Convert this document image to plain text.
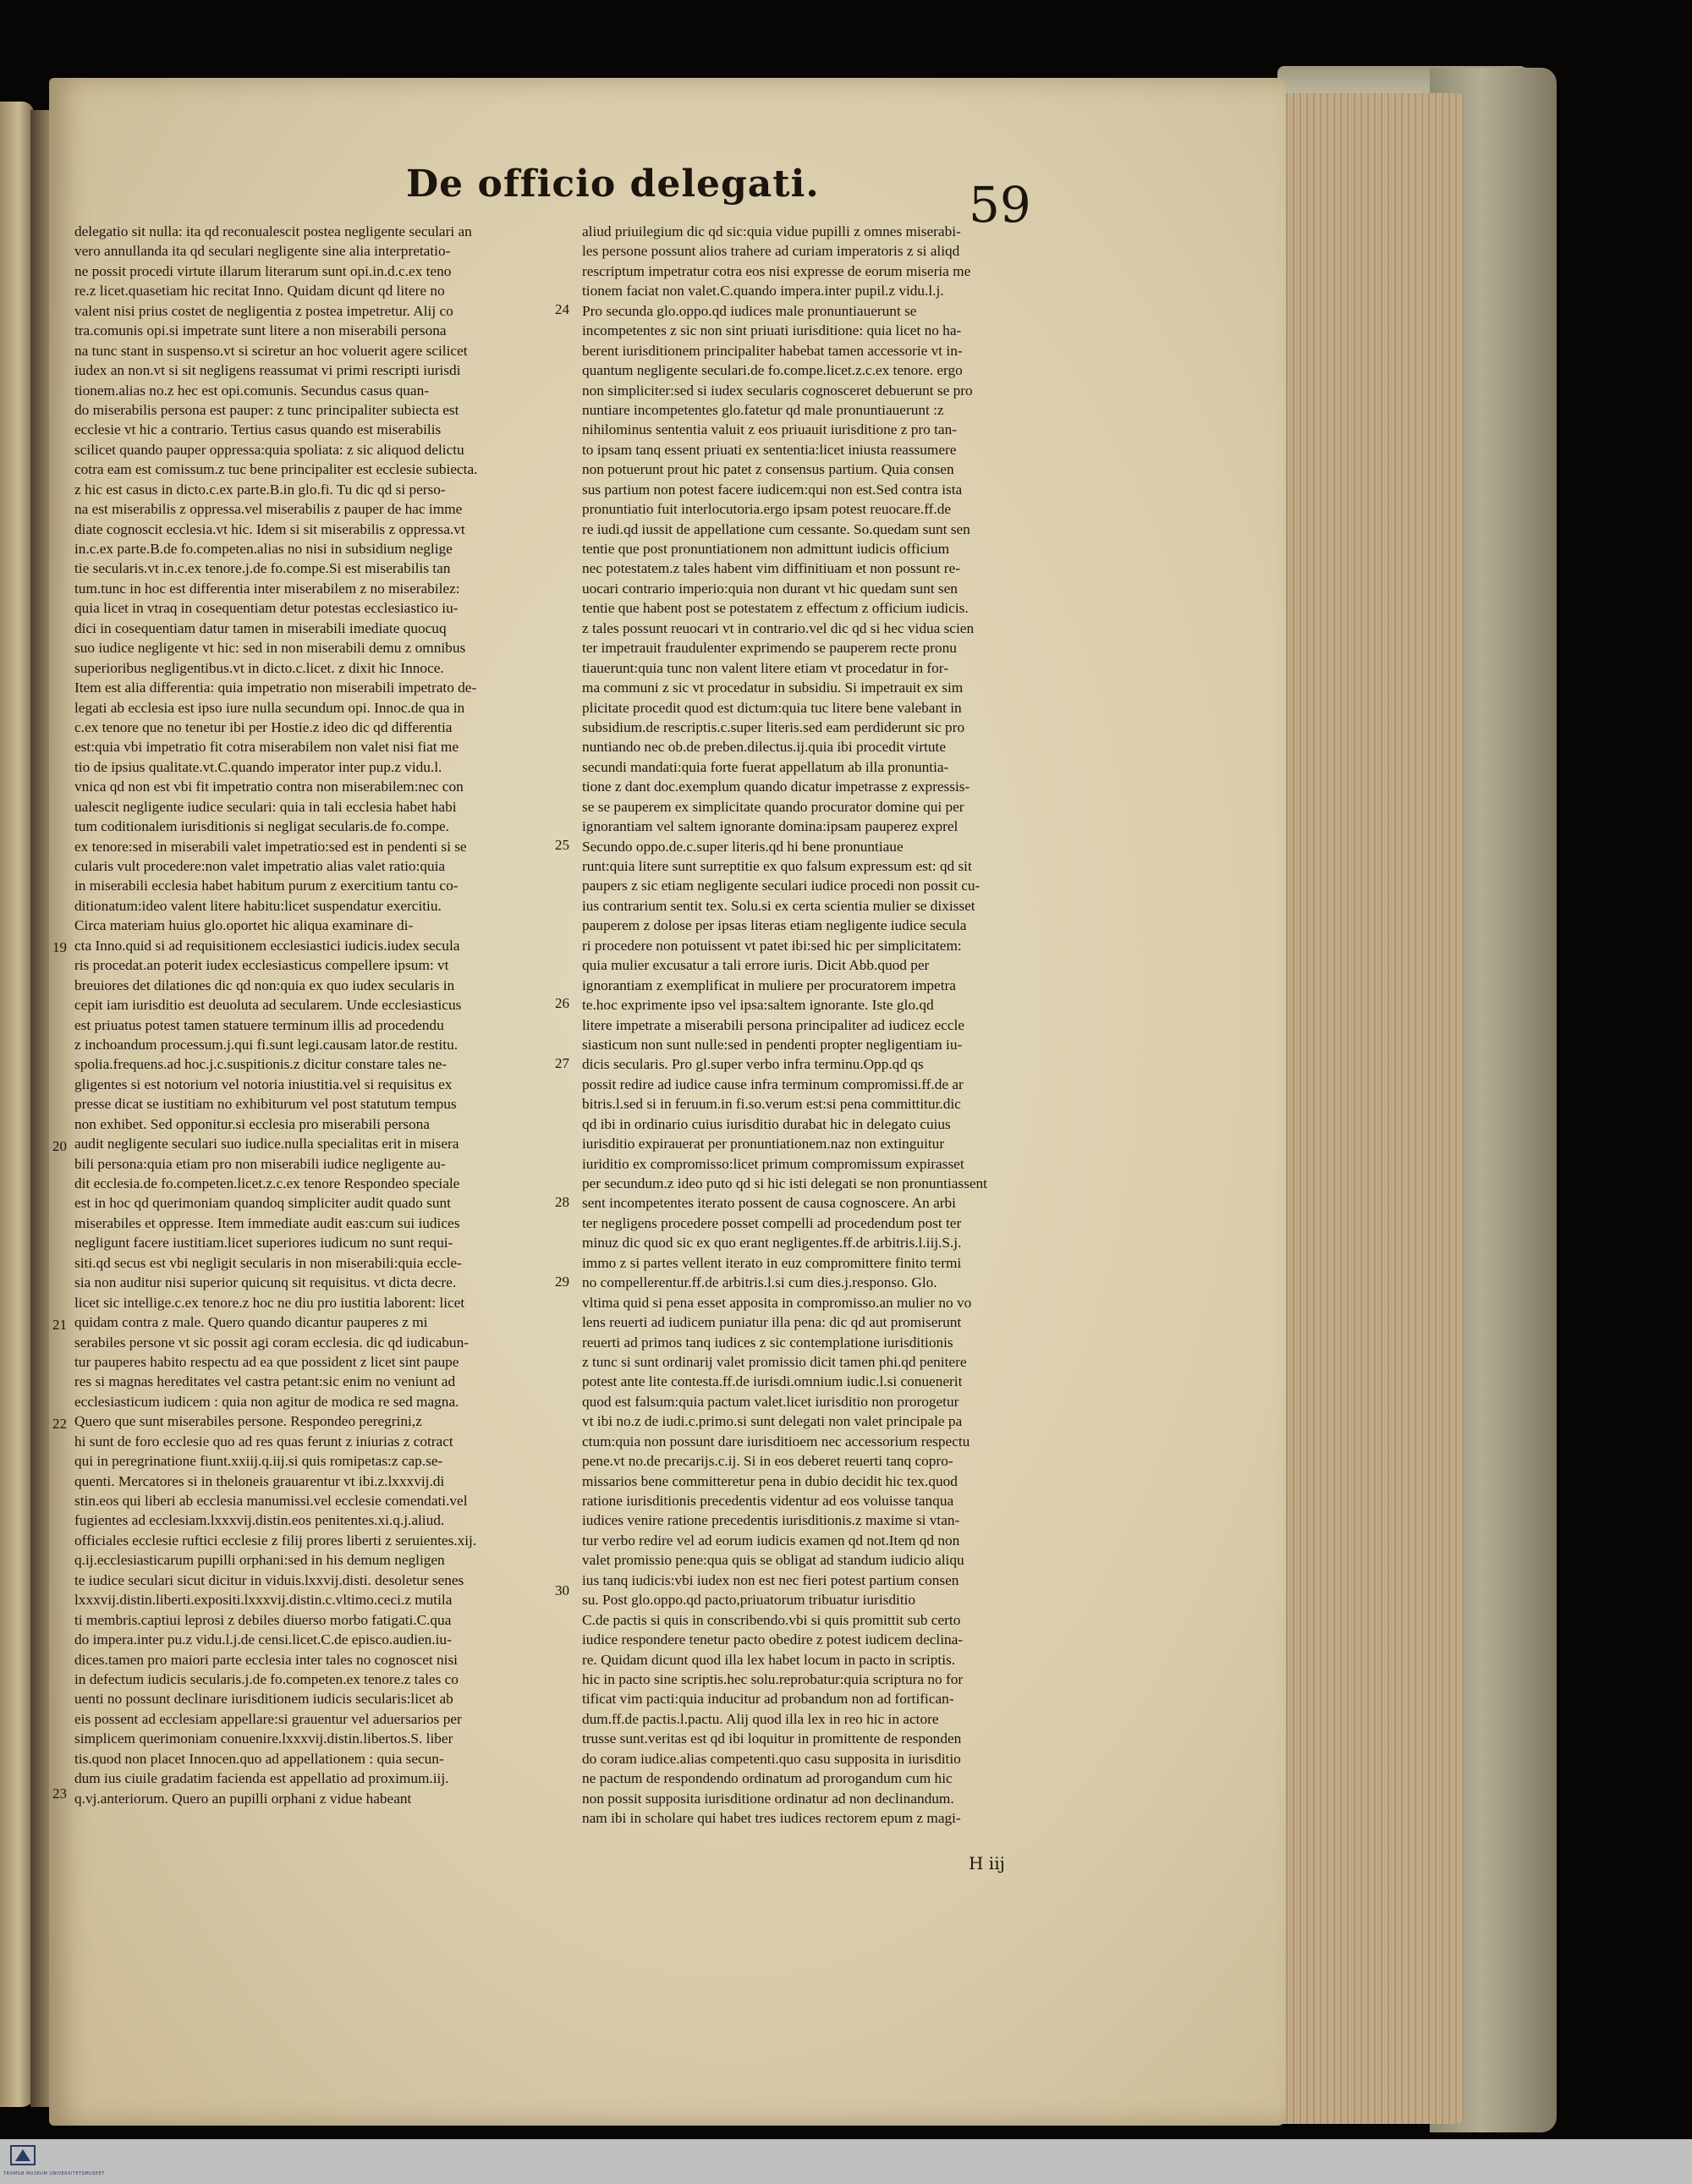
De officio delegati.	59
delegatio sit nulla: ita qd reconualescit postea negligente seculari an
vero annullanda ita qd seculari negligente sine alia interpretatio-
ne possit procedi virtute illarum literarum sunt opi.in.d.c.ex teno
re.z licet.quasetiam hic recitat Inno. Quidam dicunt qd litere no
valent nisi prius costet de negligentia z postea impetretur. Alij co
tra.comunis opi.si impetrate sunt litere a non miserabili persona
na tunc stant in suspenso.vt si sciretur an hoc voluerit agere scilicet
iudex an non.vt si sit negligens reassumat vi primi rescripti iurisdi
tionem.alias no.z hec est opi.comunis. Secundus casus quan-
do miserabilis persona est pauper: z tunc principaliter subiecta est
ecclesie vt hic a contrario. Tertius casus quando est miserabilis
scilicet quando pauper oppressa:quia spoliata: z sic aliquod delictu
cotra eam est comissum.z tuc bene principaliter est ecclesie subiecta.
z hic est casus in dicto.c.ex parte.B.in glo.fi. Tu dic qd si perso-
na est miserabilis z oppressa.vel miserabilis z pauper de hac imme
diate cognoscit ecclesia.vt hic. Idem si sit miserabilis z oppressa.vt
in.c.ex parte.B.de fo.competen.alias no nisi in subsidium neglige
tie secularis.vt in.c.ex tenore.j.de fo.compe.Si est miserabilis tan
tum.tunc in hoc est differentia inter miserabilem z no miserabilez:
quia licet in vtraq in cosequentiam detur potestas ecclesiastico iu-
dici in cosequentiam datur tamen in miserabili imediate quocuq
suo iudice negligente vt hic: sed in non miserabili demu z omnibus
superioribus negligentibus.vt in dicto.c.licet. z dixit hic Innoce.
Item est alia differentia: quia impetratio non miserabili impetrato de-
legati ab ecclesia est ipso iure nulla secundum opi. Innoc.de qua in
c.ex tenore que no tenetur ibi per Hostie.z ideo dic qd differentia
est:quia vbi impetratio fit cotra miserabilem non valet nisi fiat me
tio de ipsius qualitate.vt.C.quando imperator inter pup.z vidu.l.
vnica qd non est vbi fit impetratio contra non miserabilem:nec con
ualescit negligente iudice seculari: quia in tali ecclesia habet habi
tum coditionalem iurisditionis si negligat secularis.de fo.compe.
ex tenore:sed in miserabili valet impetratio:sed est in pendenti si se
cularis vult procedere:non valet impetratio alias valet ratio:quia
in miserabili ecclesia habet habitum purum z exercitium tantu co-
ditionatum:ideo valent litere habitu:licet suspendatur exercitiu.
Circa materiam huius glo.oportet hic aliqua examinare di-
cta Inno.quid si ad requisitionem ecclesiastici iudicis.iudex secula
ris procedat.an poterit iudex ecclesiasticus compellere ipsum: vt
breuiores det dilationes dic qd non:quia ex quo iudex secularis in
cepit iam iurisditio est deuoluta ad secularem. Unde ecclesiasticus
est priuatus potest tamen statuere terminum illis ad procedendu
z inchoandum processum.j.qui fi.sunt legi.causam lator.de restitu.
spolia.frequens.ad hoc.j.c.suspitionis.z dicitur constare tales ne-
gligentes si est notorium vel notoria iniustitia.vel si requisitus ex
presse dicat se iustitiam no exhibiturum vel post statutum tempus
non exhibet. Sed opponitur.si ecclesia pro miserabili persona
audit negligente seculari suo iudice.nulla specialitas erit in misera
bili persona:quia etiam pro non miserabili iudice negligente au-
dit ecclesia.de fo.competen.licet.z.c.ex tenore Respondeo speciale
est in hoc qd querimoniam quandoq simpliciter audit quado sunt
miserabiles et oppresse. Item immediate audit eas:cum sui iudices
negligunt facere iustitiam.licet superiores iudicum no sunt requi-
siti.qd secus est vbi negligit secularis in non miserabili:quia eccle-
sia non auditur nisi superior quicunq sit requisitus. vt dicta decre.
licet sic intellige.c.ex tenore.z hoc ne diu pro iustitia laborent: licet
quidam contra z male. Quero quando dicantur pauperes z mi
serabiles persone vt sic possit agi coram ecclesia. dic qd iudicabun-
tur pauperes habito respectu ad ea que possident z licet sint paupe
res si magnas hereditates vel castra petant:sic enim no veniunt ad
ecclesiasticum iudicem : quia non agitur de modica re sed magna.
Quero que sunt miserabiles persone. Respondeo peregrini,z
hi sunt de foro ecclesie quo ad res quas ferunt z iniurias z cotract
qui in peregrinatione fiunt.xxiij.q.iij.si quis romipetas:z cap.se-
quenti. Mercatores si in theloneis grauarentur vt ibi.z.lxxxvij.di
stin.eos qui liberi ab ecclesia manumissi.vel ecclesie comendati.vel
fugientes ad ecclesiam.lxxxvij.distin.eos penitentes.xi.q.j.aliud.
officiales ecclesie ruftici ecclesie z filij prores liberti z seruientes.xij.
q.ij.ecclesiasticarum pupilli orphani:sed in his demum negligen
te iudice seculari sicut dicitur in viduis.lxxvij.disti. desoletur senes
lxxxvij.distin.liberti.expositi.lxxxvij.distin.c.vltimo.ceci.z mutila
ti membris.captiui leprosi z debiles diuerso morbo fatigati.C.qua
do impera.inter pu.z vidu.l.j.de censi.licet.C.de episco.audien.iu-
dices.tamen pro maiori parte ecclesia inter tales no cognoscet nisi
in defectum iudicis secularis.j.de fo.competen.ex tenore.z tales co
uenti no possunt declinare iurisditionem iudicis secularis:licet ab
eis possent ad ecclesiam appellare:si grauentur vel aduersarios per
simplicem querimoniam conuenire.lxxxvij.distin.libertos.S. liber
tis.quod non placet Innocen.quo ad appellationem : quia secun-
dum ius ciuile gradatim facienda est appellatio ad proximum.iij.
q.vj.anteriorum. Quero an pupilli orphani z vidue habeant
aliud priuilegium dic qd sic:quia vidue pupilli z omnes miserabi-
les persone possunt alios trahere ad curiam imperatoris z si aliqd
rescriptum impetratur cotra eos nisi expresse de eorum miseria me
tionem faciat non valet.C.quando impera.inter pupil.z vidu.l.j.
Pro secunda glo.oppo.qd iudices male pronuntiauerunt se
incompetentes z sic non sint priuati iurisditione: quia licet no ha-
berent iurisditionem principaliter habebat tamen accessorie vt in-
quantum negligente seculari.de fo.compe.licet.z.c.ex tenore. ergo
non simpliciter:sed si iudex secularis cognosceret debuerunt se pro
nuntiare incompetentes glo.fatetur qd male pronuntiauerunt :z
nihilominus sententia valuit z eos priuauit iurisditione z pro tan-
to ipsam tanq essent priuati ex sententia:licet iniusta reassumere
non potuerunt prout hic patet z consensus partium. Quia consen
sus partium non potest facere iudicem:qui non est.Sed contra ista
pronuntiatio fuit interlocutoria.ergo ipsam potest reuocare.ff.de
re iudi.qd iussit de appellatione cum cessante. So.quedam sunt sen
tentie que post pronuntiationem non admittunt iudicis officium
nec potestatem.z tales habent vim diffinitiuam et non possunt re-
uocari contrario imperio:quia non durant vt hic quedam sunt sen
tentie que habent post se potestatem z effectum z officium iudicis.
z tales possunt reuocari vt in contrario.vel dic qd si hec vidua scien
ter impetrauit fraudulenter exprimendo se pauperem recte pronu
tiauerunt:quia tunc non valent litere etiam vt procedatur in for-
ma communi z sic vt procedatur in subsidiu. Si impetrauit ex sim
plicitate procedit quod est dictum:quia tuc litere bene valebant in
subsidium.de rescriptis.c.super literis.sed eam perdiderunt sic pro
nuntiando nec ob.de preben.dilectus.ij.quia ibi procedit virtute
secundi mandati:quia forte fuerat appellatum ab illa pronuntia-
tione z dant doc.exemplum quando dicatur impetrasse z expressis-
se se pauperem ex simplicitate quando procurator domine qui per
ignorantiam vel saltem ignorante domina:ipsam pauperez exprel
Secundo oppo.de.c.super literis.qd hi bene pronuntiaue
runt:quia litere sunt surreptitie ex quo falsum expressum est: qd sit
paupers z sic etiam negligente seculari iudice procedi non possit cu-
ius contrarium sentit tex. Solu.si ex certa scientia mulier se dixisset
pauperem z dolose per ipsas literas etiam negligente iudice secula
ri procedere non potuissent vt patet ibi:sed hic per simplicitatem:
quia mulier excusatur a tali errore iuris. Dicit Abb.quod per
ignorantiam z exemplificat in muliere per procuratorem impetra
te.hoc exprimente ipso vel ipsa:saltem ignorante. Iste glo.qd
litere impetrate a miserabili persona principaliter ad iudicez eccle
siasticum non sunt nulle:sed in pendenti propter negligentiam iu-
dicis secularis. Pro gl.super verbo infra terminu.Opp.qd qs
possit redire ad iudice cause infra terminum compromissi.ff.de ar
bitris.l.sed si in feruum.in fi.so.verum est:si pena committitur.dic
qd ibi in ordinario cuius iurisditio durabat hic in delegato cuius
iurisditio expirauerat per pronuntiationem.naz non extinguitur
iuriditio ex compromisso:licet primum compromissum expirasset
per secundum.z ideo puto qd si hic isti delegati se non pronuntiassent
sent incompetentes iterato possent de causa cognoscere. An arbi
ter negligens procedere posset compelli ad procedendum post ter
minuz dic quod sic ex quo erant negligentes.ff.de arbitris.l.iij.S.j.
immo z si partes vellent iterato in euz compromittere finito termi
no compellerentur.ff.de arbitris.l.si cum dies.j.responso. Glo.
vltima quid si pena esset apposita in compromisso.an mulier no vo
lens reuerti ad iudicem puniatur illa pena: dic qd aut promiserunt
reuerti ad primos tanq iudices z sic contemplatione iurisditionis
z tunc si sunt ordinarij valet promissio dicit tamen phi.qd penitere
potest ante lite contesta.ff.de iurisdi.omnium iudic.l.si conuenerit
quod est falsum:quia pactum valet.licet iurisditio non prorogetur
vt ibi no.z de iudi.c.primo.si sunt delegati non valet principale pa
ctum:quia non possunt dare iurisditioem nec accessorium respectu
pene.vt no.de precarijs.c.ij. Si in eos deberet reuerti tanq copro-
missarios bene committeretur pena in dubio decidit hic tex.quod
ratione iurisditionis precedentis videntur ad eos voluisse tanqua
iudices venire ratione precedentis iurisditionis.z maxime si vtan-
tur verbo redire vel ad eorum iudicis examen qd not.Item qd non
valet promissio pene:qua quis se obligat ad standum iudicio aliqu
ius tanq iudicis:vbi iudex non est nec fieri potest partium consen
su. Post glo.oppo.qd pacto,priuatorum tribuatur iurisditio
C.de pactis si quis in conscribendo.vbi si quis promittit sub certo
iudice respondere tenetur pacto obedire z potest iudicem declina-
re. Quidam dicunt quod illa lex habet locum in pacto in scriptis.
hic in pacto sine scriptis.hec solu.reprobatur:quia scriptura no for
tificat vim pacti:quia inducitur ad probandum non ad fortifican-
dum.ff.de pactis.l.pactu. Alij quod illa lex in reo hic in actore
trusse sunt.veritas est qd ibi loquitur in promittente de responden
do coram iudice.alias competenti.quo casu supposita in iurisditio
ne pactum de respondendo ordinatum ad prorogandum cum hic
non possit supposita iurisditione ordinatur ad non declinandum.
nam ibi in scholare qui habet tres iudices rectorem epum z magi-
19
20
21
22
23
24
25
26
27
28
29
30
H iij
TROMSØ MUSEUM UNIVERSITETSMUSEET
